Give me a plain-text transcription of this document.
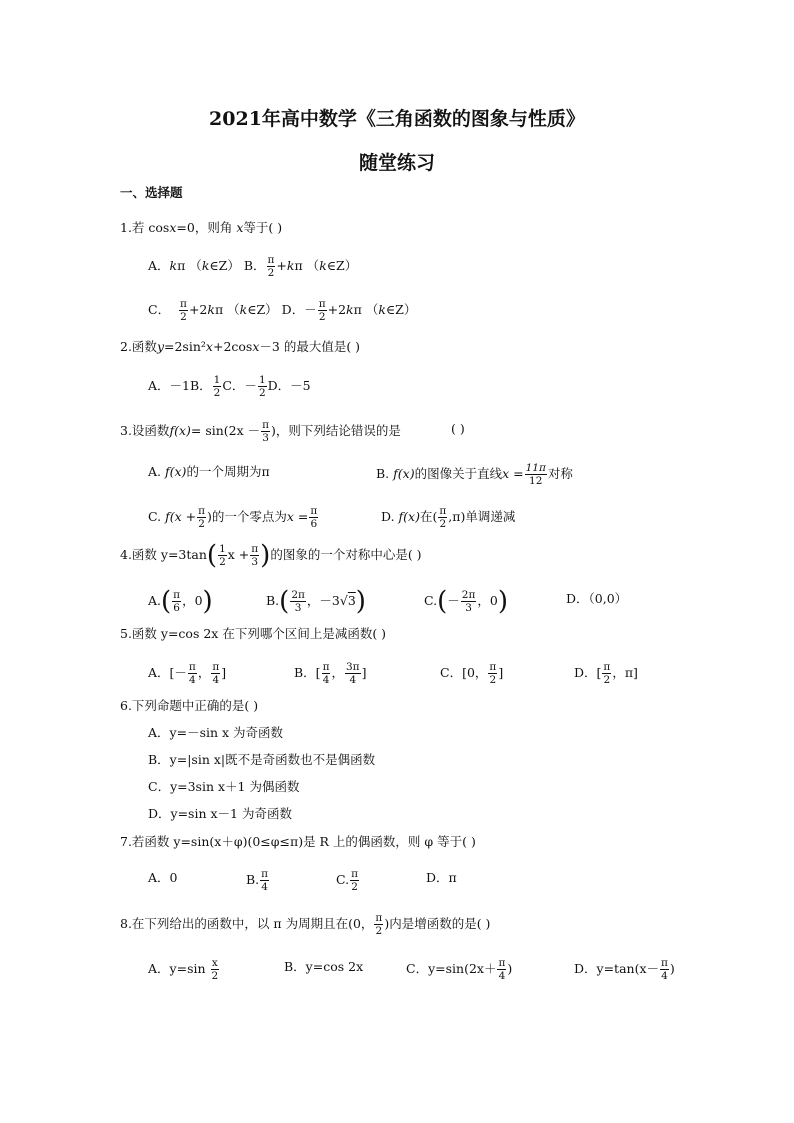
2021年高中数学《三角函数的图象与性质》
随堂练习
一、选择题
1.若 cosx=0，则角 x等于( )
A．kπ （k∈Z） B． $\frac{\pi}{2} +k\pi$ （k∈Z）
C． $\frac{\pi}{2} +2k\pi$ （k∈Z） D．－ $\frac{\pi}{2} +2k\pi$ （k∈Z）
2.函数y=2sin²x+2cosx－3 的最大值是( )
A．－1B． $\frac{1}{2}$ C．－ $\frac{1}{2}$ D．－5
3.设函数$f(x)= \sin(2x - \frac{\pi}{3}$ )，则下列结论错误的是	( )
A. f(x)的一个周期为π	B. f(x)的图像关于直线$x = \frac{11\pi}{12}$ 对称
C. $f(x + \frac{\pi}{2}$ )的一个零点为$x = \frac{\pi}{6}$	D. f(x)在( $\frac{\pi}{2} ,\pi$)单调递减
4.函数 $y=3\tan( \frac{1}{2}$ $x + \frac{\pi}{3}$ )的图象的一个对称中心是( )
$A.( \frac{\pi}{6}$ ，0)	$B.( \frac{2\pi}{3}$ ，－3√3)	$C.(- \frac{2\pi}{3}$ ，0)	D．（0,0）
5.函数 y=cos 2x 在下列哪个区间上是减函数( )
A．[－ $\frac{\pi}{4}$ ， $\frac{\pi}{4}$ ]	B．[ $\frac{\pi}{4}$ ， $\frac{3\pi}{4}$ ]	C．[0， $\frac{\pi}{2}$ ]	D．[ $\frac{\pi}{2}$ ，π]
6.下列命题中正确的是( )
A．y=－sin x 为奇函数
B．y=|sin x|既不是奇函数也不是偶函数
C．y=3sin x＋1 为偶函数
D．y=sin x－1 为奇函数
7.若函数 y=sin(x＋φ)(0≤φ≤π)是 R 上的偶函数，则 φ 等于( )
A．0	B. $\frac{\pi}{4}$	C. $\frac{\pi}{2}$	D．π
8.在下列给出的函数中，以 π 为周期且在(0， $\frac{\pi}{2}$ )内是增函数的是( )
A．$y=\sin \frac{x}{2}$	B．y=cos 2x	C．$y=\sin(2x+ \frac{\pi}{4}$ )	D．$y=\tan(x- \frac{\pi}{4}$ )
